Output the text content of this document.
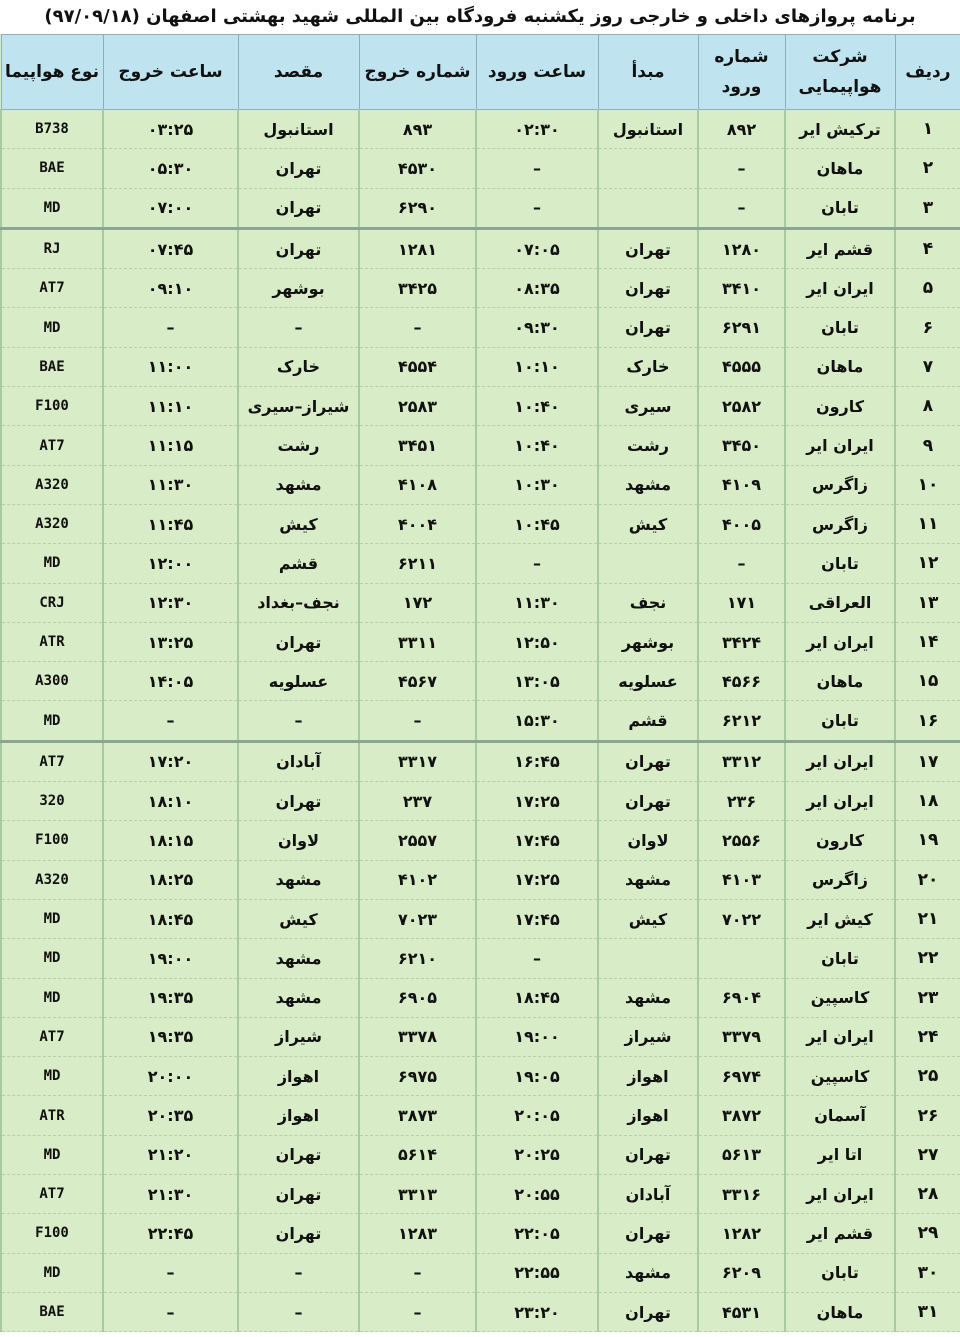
برنامه پروازهای داخلی و خارجی روز یکشنبه فرودگاه بین المللی شهید بهشتی اصفهان (۹۷/۰۹/۱۸)
ردیف	شرکت هواپیمایی	شماره ورود	مبدأ	ساعت ورود	شماره خروج	مقصد	ساعت خروج	نوع هواپیما
۱	ترکیش ایر	۸۹۲	استانبول	۰۲:۳۰	۸۹۳	استانبول	۰۳:۲۵	B738
۲	ماهان	–		–	۴۵۳۰	تهران	۰۵:۳۰	BAE
۳	تابان	–		–	۶۲۹۰	تهران	۰۷:۰۰	MD
۴	قشم ایر	۱۲۸۰	تهران	۰۷:۰۵	۱۲۸۱	تهران	۰۷:۴۵	RJ
۵	ایران ایر	۳۴۱۰	تهران	۰۸:۳۵	۳۴۲۵	بوشهر	۰۹:۱۰	AT7
۶	تابان	۶۲۹۱	تهران	۰۹:۳۰	–	–	–	MD
۷	ماهان	۴۵۵۵	خارک	۱۰:۱۰	۴۵۵۴	خارک	۱۱:۰۰	BAE
۸	کارون	۲۵۸۲	سیری	۱۰:۴۰	۲۵۸۳	شیراز–سیری	۱۱:۱۰	F100
۹	ایران ایر	۳۴۵۰	رشت	۱۰:۴۰	۳۴۵۱	رشت	۱۱:۱۵	AT7
۱۰	زاگرس	۴۱۰۹	مشهد	۱۰:۳۰	۴۱۰۸	مشهد	۱۱:۳۰	A320
۱۱	زاگرس	۴۰۰۵	کیش	۱۰:۴۵	۴۰۰۴	کیش	۱۱:۴۵	A320
۱۲	تابان	–		–	۶۲۱۱	قشم	۱۲:۰۰	MD
۱۳	العراقی	۱۷۱	نجف	۱۱:۳۰	۱۷۲	نجف–بغداد	۱۲:۳۰	CRJ
۱۴	ایران ایر	۳۴۲۴	بوشهر	۱۲:۵۰	۳۳۱۱	تهران	۱۳:۲۵	ATR
۱۵	ماهان	۴۵۶۶	عسلویه	۱۳:۰۵	۴۵۶۷	عسلویه	۱۴:۰۵	A300
۱۶	تابان	۶۲۱۲	قشم	۱۵:۳۰	–	–	–	MD
۱۷	ایران ایر	۳۳۱۲	تهران	۱۶:۴۵	۳۳۱۷	آبادان	۱۷:۲۰	AT7
۱۸	ایران ایر	۲۳۶	تهران	۱۷:۲۵	۲۳۷	تهران	۱۸:۱۰	320
۱۹	کارون	۲۵۵۶	لاوان	۱۷:۴۵	۲۵۵۷	لاوان	۱۸:۱۵	F100
۲۰	زاگرس	۴۱۰۳	مشهد	۱۷:۲۵	۴۱۰۲	مشهد	۱۸:۲۵	A320
۲۱	کیش ایر	۷۰۲۲	کیش	۱۷:۴۵	۷۰۲۳	کیش	۱۸:۴۵	MD
۲۲	تابان			–	۶۲۱۰	مشهد	۱۹:۰۰	MD
۲۳	کاسپین	۶۹۰۴	مشهد	۱۸:۴۵	۶۹۰۵	مشهد	۱۹:۳۵	MD
۲۴	ایران ایر	۳۳۷۹	شیراز	۱۹:۰۰	۳۳۷۸	شیراز	۱۹:۳۵	AT7
۲۵	کاسپین	۶۹۷۴	اهواز	۱۹:۰۵	۶۹۷۵	اهواز	۲۰:۰۰	MD
۲۶	آسمان	۳۸۷۲	اهواز	۲۰:۰۵	۳۸۷۳	اهواز	۲۰:۳۵	ATR
۲۷	اتا ایر	۵۶۱۳	تهران	۲۰:۲۵	۵۶۱۴	تهران	۲۱:۲۰	MD
۲۸	ایران ایر	۳۳۱۶	آبادان	۲۰:۵۵	۳۳۱۳	تهران	۲۱:۳۰	AT7
۲۹	قشم ایر	۱۲۸۲	تهران	۲۲:۰۵	۱۲۸۳	تهران	۲۲:۴۵	F100
۳۰	تابان	۶۲۰۹	مشهد	۲۲:۵۵	–	–	–	MD
۳۱	ماهان	۴۵۳۱	تهران	۲۳:۲۰	–	–	–	BAE
